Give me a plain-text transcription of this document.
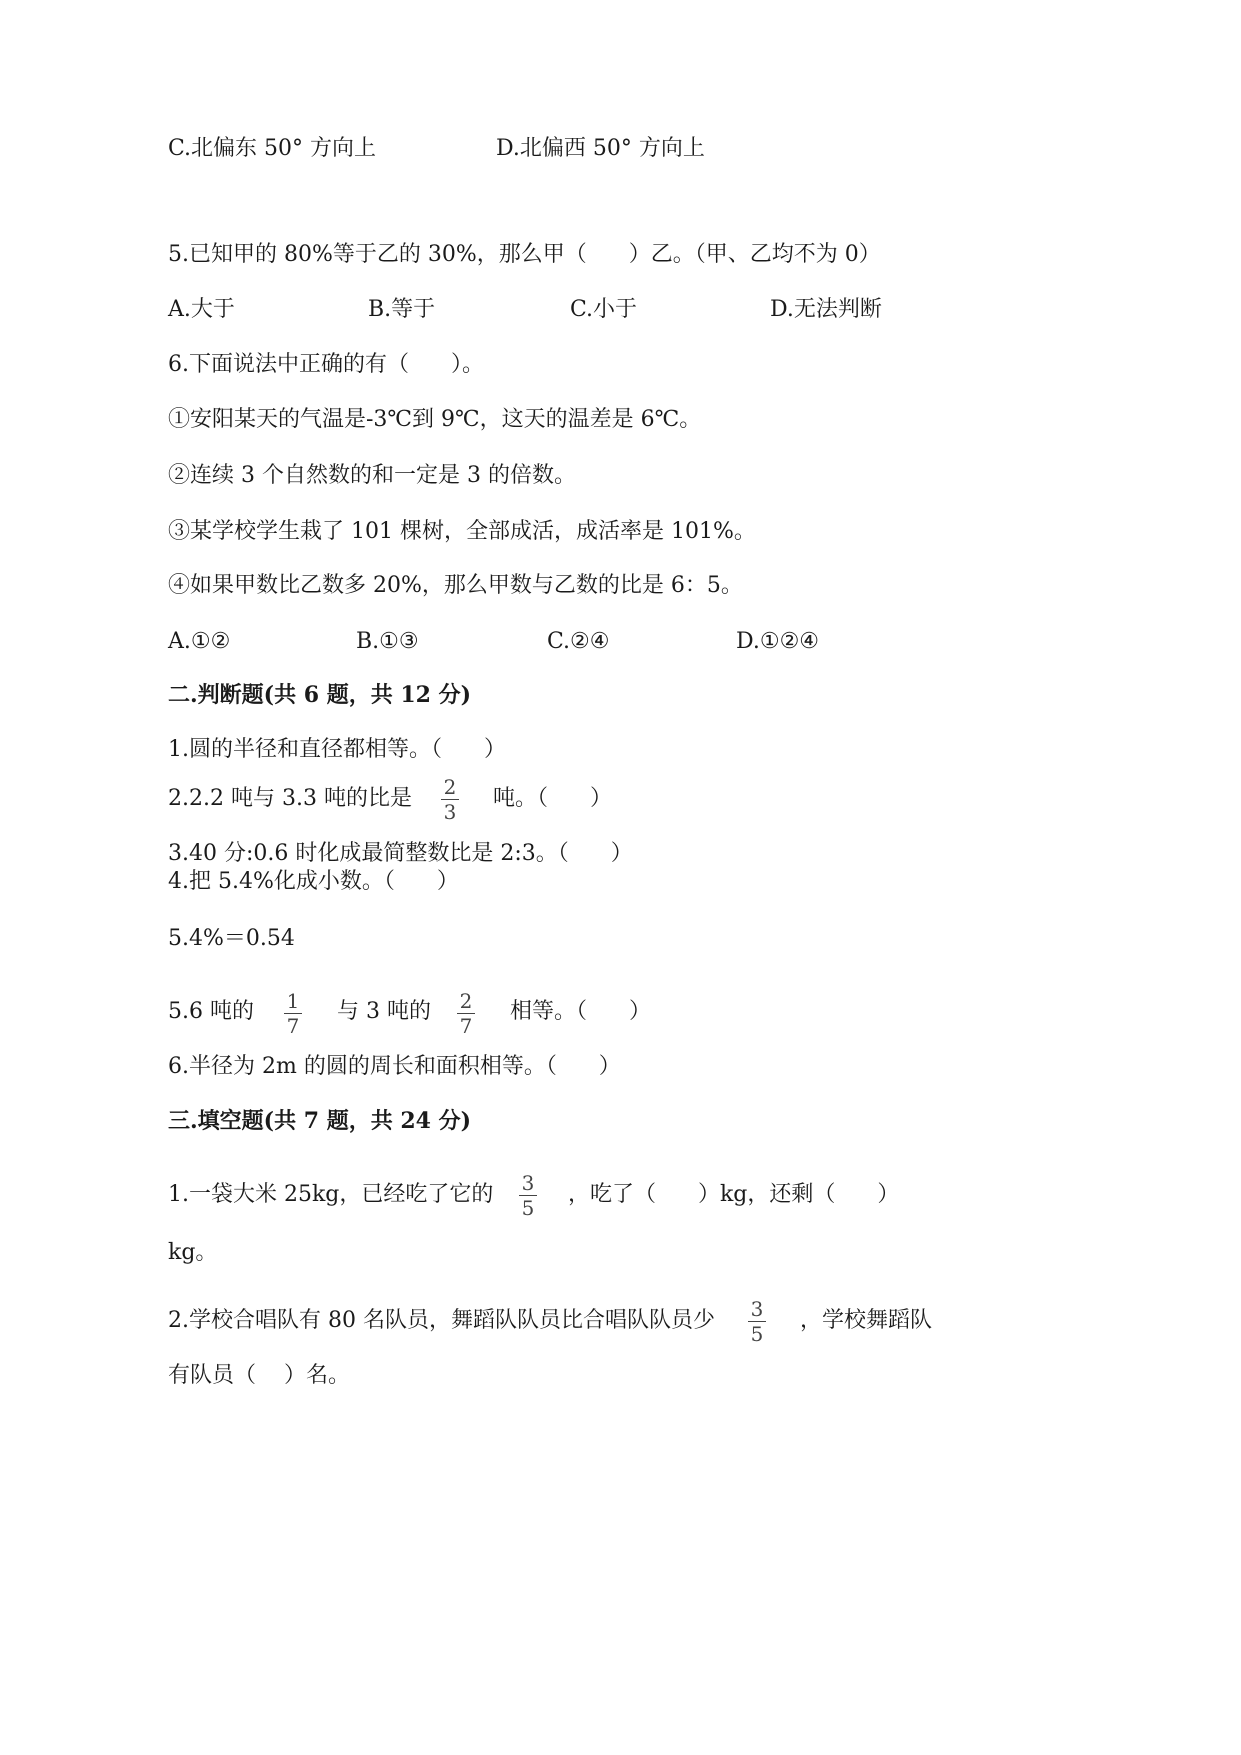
C.北偏东 50° 方向上	D.北偏西 50° 方向上
5.已知甲的 80%等于乙的 30%，那么甲（      ）乙。（甲、乙均不为 0）
A.大于	B.等于	C.小于	D.无法判断
6.下面说法中正确的有（      ）。
①安阳某天的气温是-3℃到 9℃，这天的温差是 6℃。
②连续 3 个自然数的和一定是 3 的倍数。
③某学校学生栽了 101 棵树，全部成活，成活率是 101%。
④如果甲数比乙数多 20%，那么甲数与乙数的比是 6：5。
A.①②	B.①③	C.②④	D.①②④
二.判断题(共 6 题，共 12 分)
1.圆的半径和直径都相等。（      ）
2.2.2 吨与 3.3 吨的比是 2
3
吨。（      ）
3.40 分:0.6 时化成最简整数比是 2:3。（      ）
4.把 5.4%化成小数。（      ）
5.4%＝0.54
5.6 吨的 1
7
与 3 吨的 2
7
相等。（      ）
6.半径为 2m 的圆的周长和面积相等。（      ）
三.填空题(共 7 题，共 24 分)
1.一袋大米 25kg，已经吃了它的 3
5
，吃了（      ）kg，还剩（      ）
kg。
2.学校合唱队有 80 名队员，舞蹈队队员比合唱队队员少 3
5
，学校舞蹈队
有队员（    ）名。
